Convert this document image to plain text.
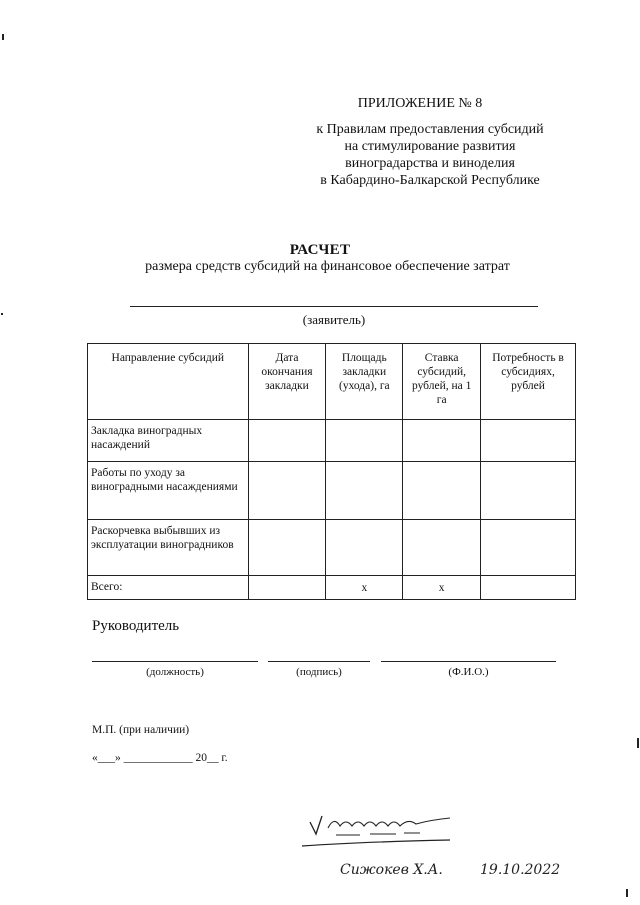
ПРИЛОЖЕНИЕ № 8
к Правилам предоставления субсидий
на стимулирование развития
виноградарства и виноделия
в Кабардино-Балкарской Республике
РАСЧЕТ
размера средств субсидий на финансовое обеспечение затрат
(заявитель)
Направление субсидий	Дата окончания закладки	Площадь закладки (ухода), га	Ставка субсидий, рублей, на 1 га	Потребность в субсидиях, рублей
Закладка виноградных насаждений				
Работы по уходу за виноградными насаждениями				
Раскорчевка выбывших из эксплуатации виноградников				
Всего:		x	x	
Руководитель
(должность)	(подпись)	(Ф.И.О.)
М.П. (при наличии)
«___» ____________ 20__ г.
Сижокев Х.А.	19.10.2022
